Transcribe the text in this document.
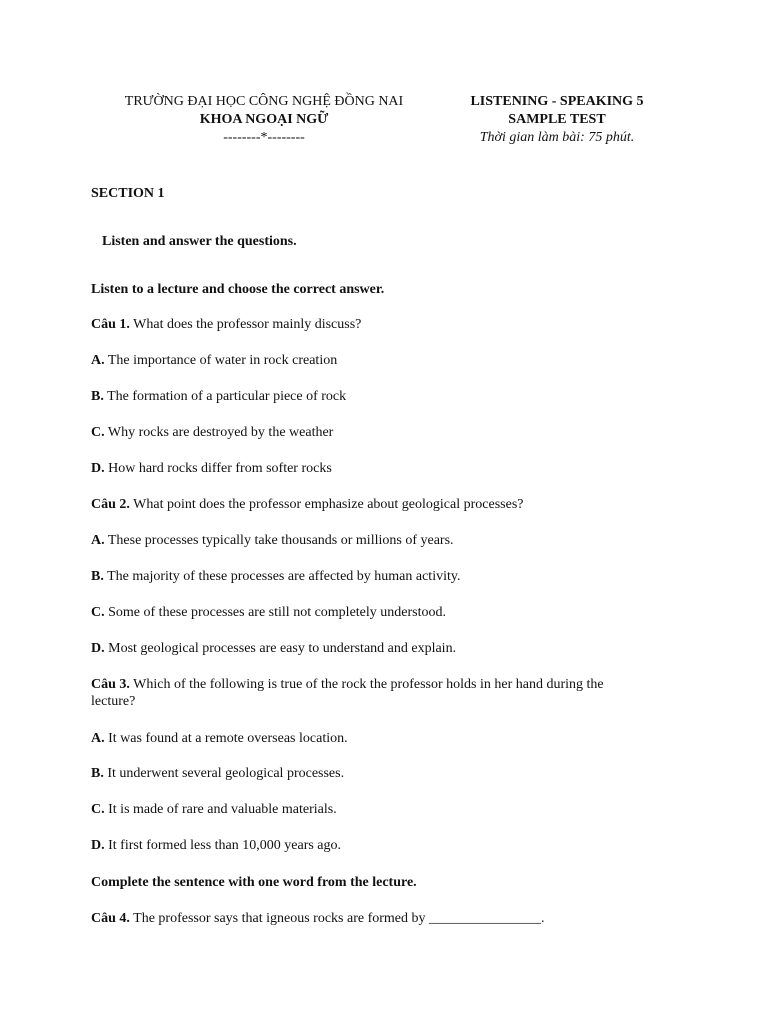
TRƯỜNG ĐẠI HỌC CÔNG NGHỆ ĐỒNG NAI
KHOA NGOẠI NGỮ
--------*--------
LISTENING - SPEAKING 5
SAMPLE TEST
Thời gian làm bài: 75 phút.
SECTION 1
Listen and answer the questions.
Listen to a lecture and choose the correct answer.
Câu 1. What does the professor mainly discuss?
A. The importance of water in rock creation
B. The formation of a particular piece of rock
C. Why rocks are destroyed by the weather
D. How hard rocks differ from softer rocks
Câu 2. What point does the professor emphasize about geological processes?
A. These processes typically take thousands or millions of years.
B. The majority of these processes are affected by human activity.
C. Some of these processes are still not completely understood.
D. Most geological processes are easy to understand and explain.
Câu 3. Which of the following is true of the rock the professor holds in her hand during the
lecture?
A. It was found at a remote overseas location.
B. It underwent several geological processes.
C. It is made of rare and valuable materials.
D. It first formed less than 10,000 years ago.
Complete the sentence with one word from the lecture.
Câu 4. The professor says that igneous rocks are formed by ________________.
